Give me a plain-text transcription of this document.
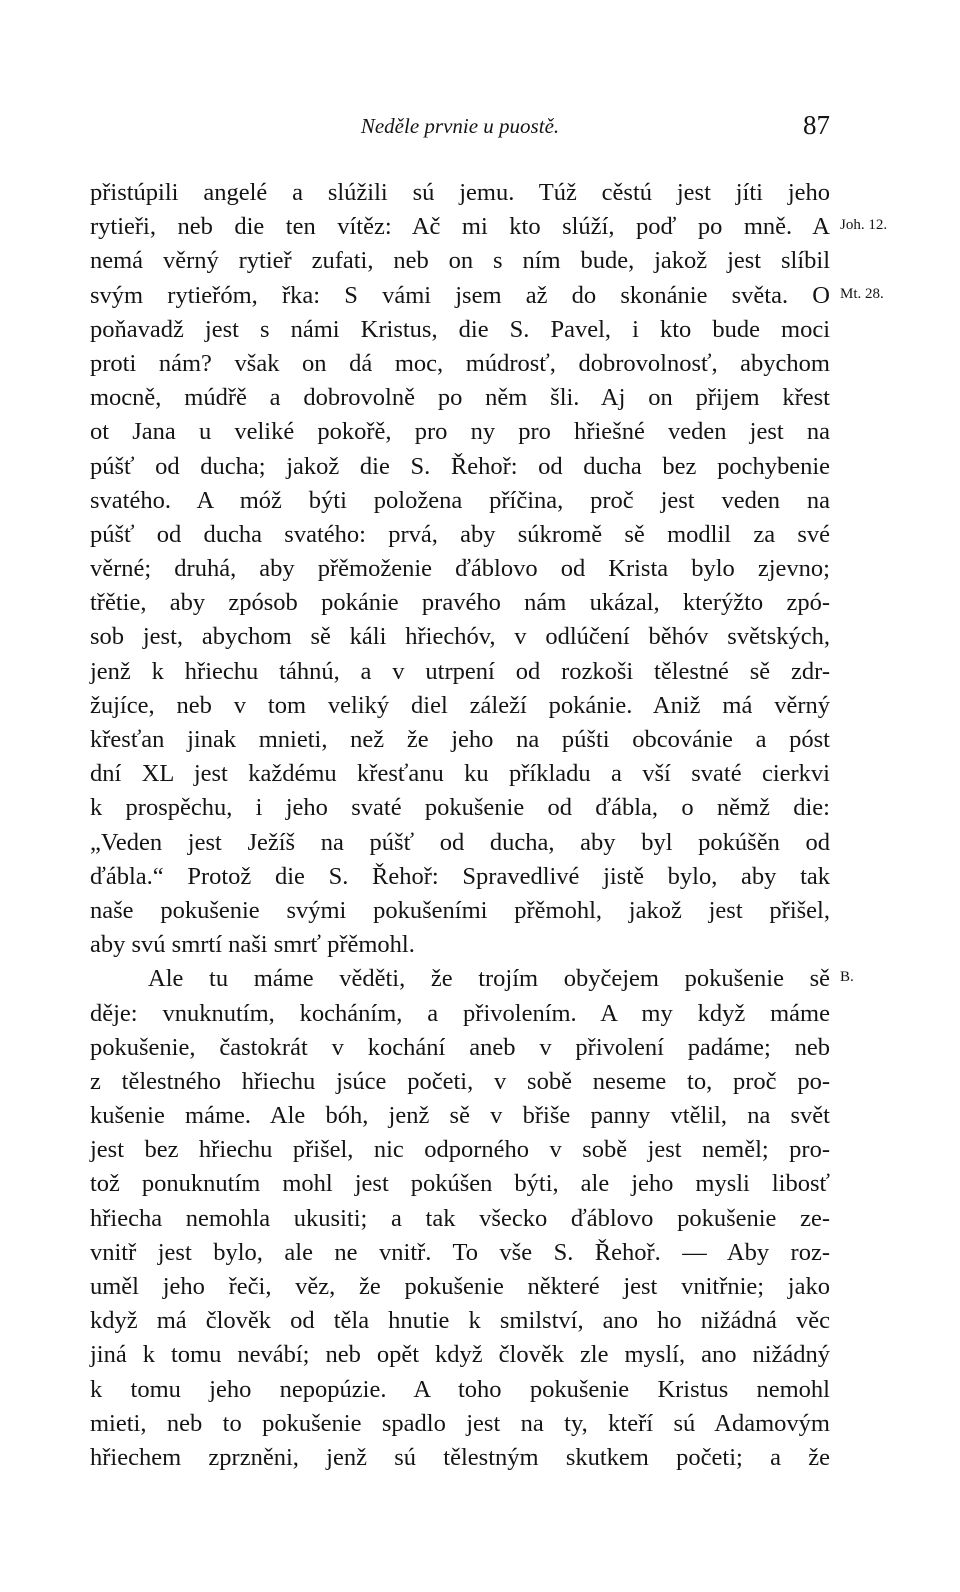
Neděle prvnie u puostě.	87
přistúpili angelé a slúžili sú jemu. Túž cěstú jest jíti jeho
rytieři, neb die ten vítěz: Ač mi kto slúží, poď po mně. A Joh. 12.
nemá věrný rytieř zufati, neb on s ním bude, jakož jest slíbil
svým rytieřóm, řka: S vámi jsem až do skonánie světa. O Mt. 28.
poňavadž jest s námi Kristus, die S. Pavel, i kto bude moci
proti nám? však on dá moc, múdrosť, dobrovolnosť, abychom
mocně, múdřě a dobrovolně po něm šli. Aj on přijem křest
ot Jana u veliké pokořě, pro ny pro hřiešné veden jest na
púšť od ducha; jakož die S. Řehoř: od ducha bez pochybenie
svatého. A móž býti položena příčina, proč jest veden na
púšť od ducha svatého: prvá, aby súkromě sě modlil za své
věrné; druhá, aby přěmoženie ďáblovo od Krista bylo zjevno;
třětie, aby zpósob pokánie pravého nám ukázal, kterýžto zpó-
sob jest, abychom sě káli hřiechóv, v odlúčení běhóv světských,
jenž k hřiechu táhnú, a v utrpení od rozkoši tělestné sě zdr-
žujíce, neb v tom veliký diel záleží pokánie. Aniž má věrný
křesťan jinak mnieti, než že jeho na púšti obcovánie a póst
dní XL jest každému křesťanu ku příkladu a vší svaté cierkvi
k prospěchu, i jeho svaté pokušenie od ďábla, o němž die:
„Veden jest Ježíš na púšť od ducha, aby byl pokúšěn od
ďábla.“ Protož die S. Řehoř: Spravedlivé jistě bylo, aby tak
naše pokušenie svými pokušeními přěmohl, jakož jest přišel,
aby svú smrtí naši smrť přěmohl.
Ale tu máme věděti, že trojím obyčejem pokušenie sě B.
děje: vnuknutím, kocháním, a přivolením. A my když máme
pokušenie, častokrát v kochání aneb v přivolení padáme; neb
z tělestného hřiechu jsúce početi, v sobě neseme to, proč po-
kušenie máme. Ale bóh, jenž sě v břiše panny vtělil, na svět
jest bez hřiechu přišel, nic odporného v sobě jest neměl; pro-
tož ponuknutím mohl jest pokúšen býti, ale jeho mysli libosť
hřiecha nemohla ukusiti; a tak všecko ďáblovo pokušenie ze-
vnitř jest bylo, ale ne vnitř. To vše S. Řehoř. — Aby roz-
uměl jeho řeči, věz, že pokušenie některé jest vnitřnie; jako
když má člověk od těla hnutie k smilství, ano ho nižádná věc
jiná k tomu nevábí; neb opět když člověk zle myslí, ano nižádný
k tomu jeho nepopúzie. A toho pokušenie Kristus nemohl
mieti, neb to pokušenie spadlo jest na ty, kteří sú Adamovým
hřiechem zprzněni, jenž sú tělestným skutkem početi; a že
